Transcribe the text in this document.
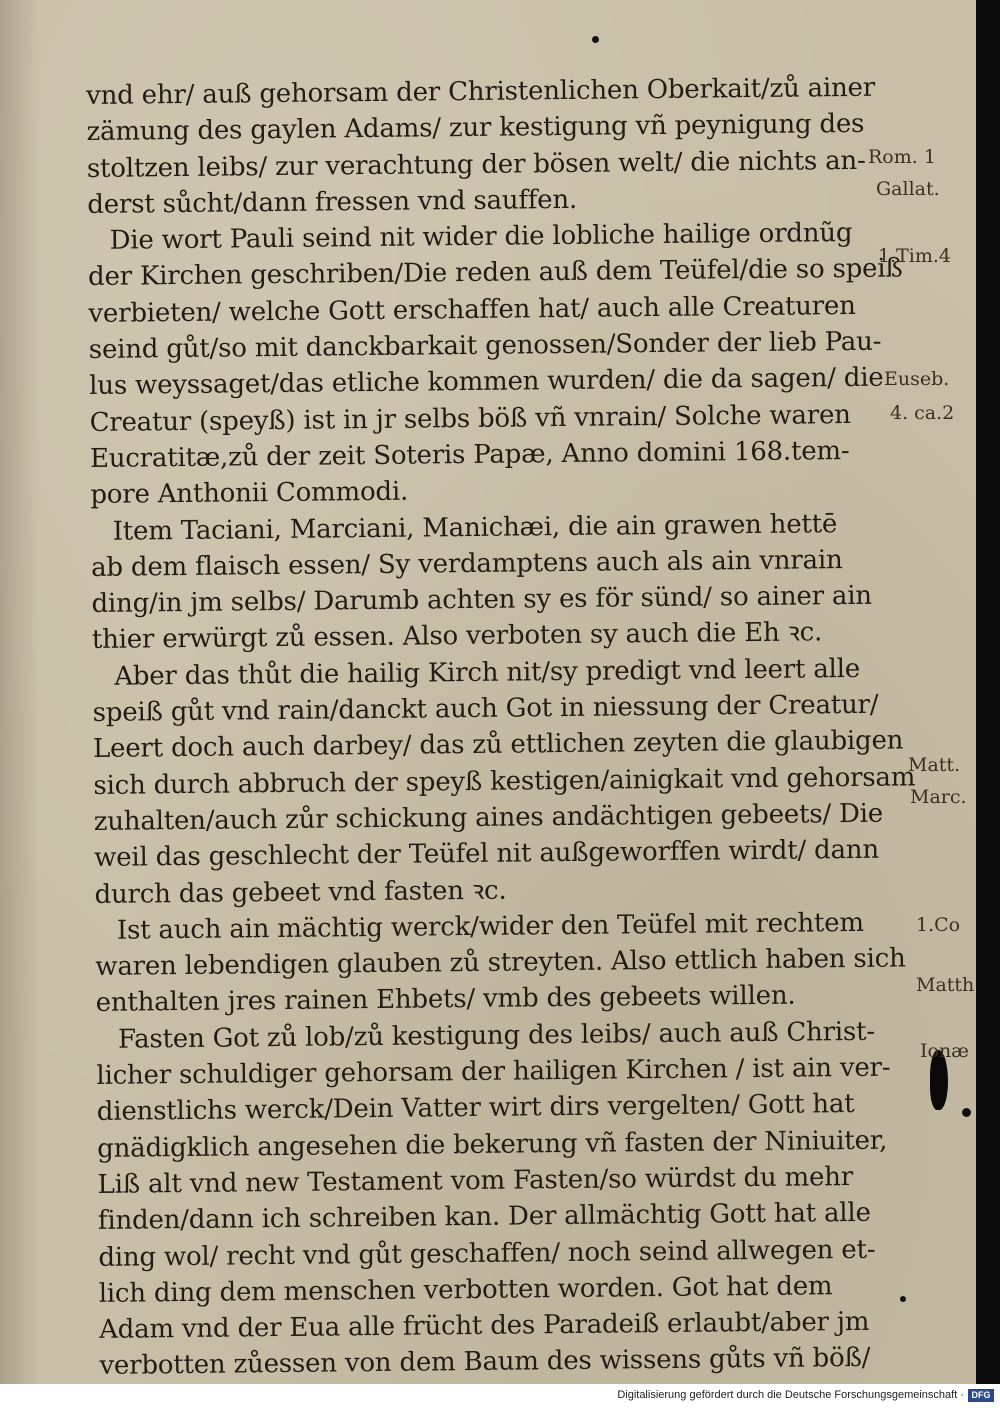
vnd ehr/ auß gehorsam der Christenlichen Oberkait/zů ainer
zämung des gaylen Adams/ zur kestigung vñ peynigung des
stoltzen leibs/ zur verachtung der bösen welt/ die nichts an-
derst sůcht/dann fressen vnd sauffen.
Die wort Pauli seind nit wider die lobliche hailige ordnũg
der Kirchen geschriben/Die reden auß dem Teüfel/die so speiß
verbieten/ welche Gott erschaffen hat/ auch alle Creaturen
seind gůt/so mit danckbarkait genossen/Sonder der lieb Pau-
lus weyssaget/das etliche kommen wurden/ die da sagen/ die
Creatur (speyß) ist in jr selbs böß vñ vnrain/ Solche waren
Eucratitæ,zů der zeit Soteris Papæ, Anno domini 168.tem-
pore Anthonii Commodi.
Item Taciani, Marciani, Manichæi, die ain grawen hettē
ab dem flaisch essen/ Sy verdamptens auch als ain vnrain
ding/in jm selbs/ Darumb achten sy es för sünd/ so ainer ain
thier erwürgt zů essen. Also verboten sy auch die Eh ꝛc.
Aber das thůt die hailig Kirch nit/sy predigt vnd leert alle
speiß gůt vnd rain/danckt auch Got in niessung der Creatur/
Leert doch auch darbey/ das zů ettlichen zeyten die glaubigen
sich durch abbruch der speyß kestigen/ainigkait vnd gehorsam
zuhalten/auch zůr schickung aines andächtigen gebeets/ Die
weil das geschlecht der Teüfel nit außgeworffen wirdt/ dann
durch das gebeet vnd fasten ꝛc.
Ist auch ain mächtig werck/wider den Teüfel mit rechtem
waren lebendigen glauben zů streyten. Also ettlich haben sich
enthalten jres rainen Ehbets/ vmb des gebeets willen.
Fasten Got zů lob/zů kestigung des leibs/ auch auß Christ-
licher schuldiger gehorsam der hailigen Kirchen / ist ain ver-
dienstlichs werck/Dein Vatter wirt dirs vergelten/ Gott hat
gnädigklich angesehen die bekerung vñ fasten der Niniuiter,
Liß alt vnd new Testament vom Fasten/so würdst du mehr
finden/dann ich schreiben kan. Der allmächtig Gott hat alle
ding wol/ recht vnd gůt geschaffen/ noch seind allwegen et-
lich ding dem menschen verbotten worden. Got hat dem
Adam vnd der Eua alle frücht des Paradeiß erlaubt/aber jm
verbotten zůessen von dem Baum des wissens gůts vñ böß/
Rom. 1
Gallat.
1.Tim.4
Euseb.
4. ca.2
Matt.
Marc.
1.Co
Matth
Ionæ
Digitalisierung gefördert durch die Deutsche Forschungsgemeinschaft · DFG
